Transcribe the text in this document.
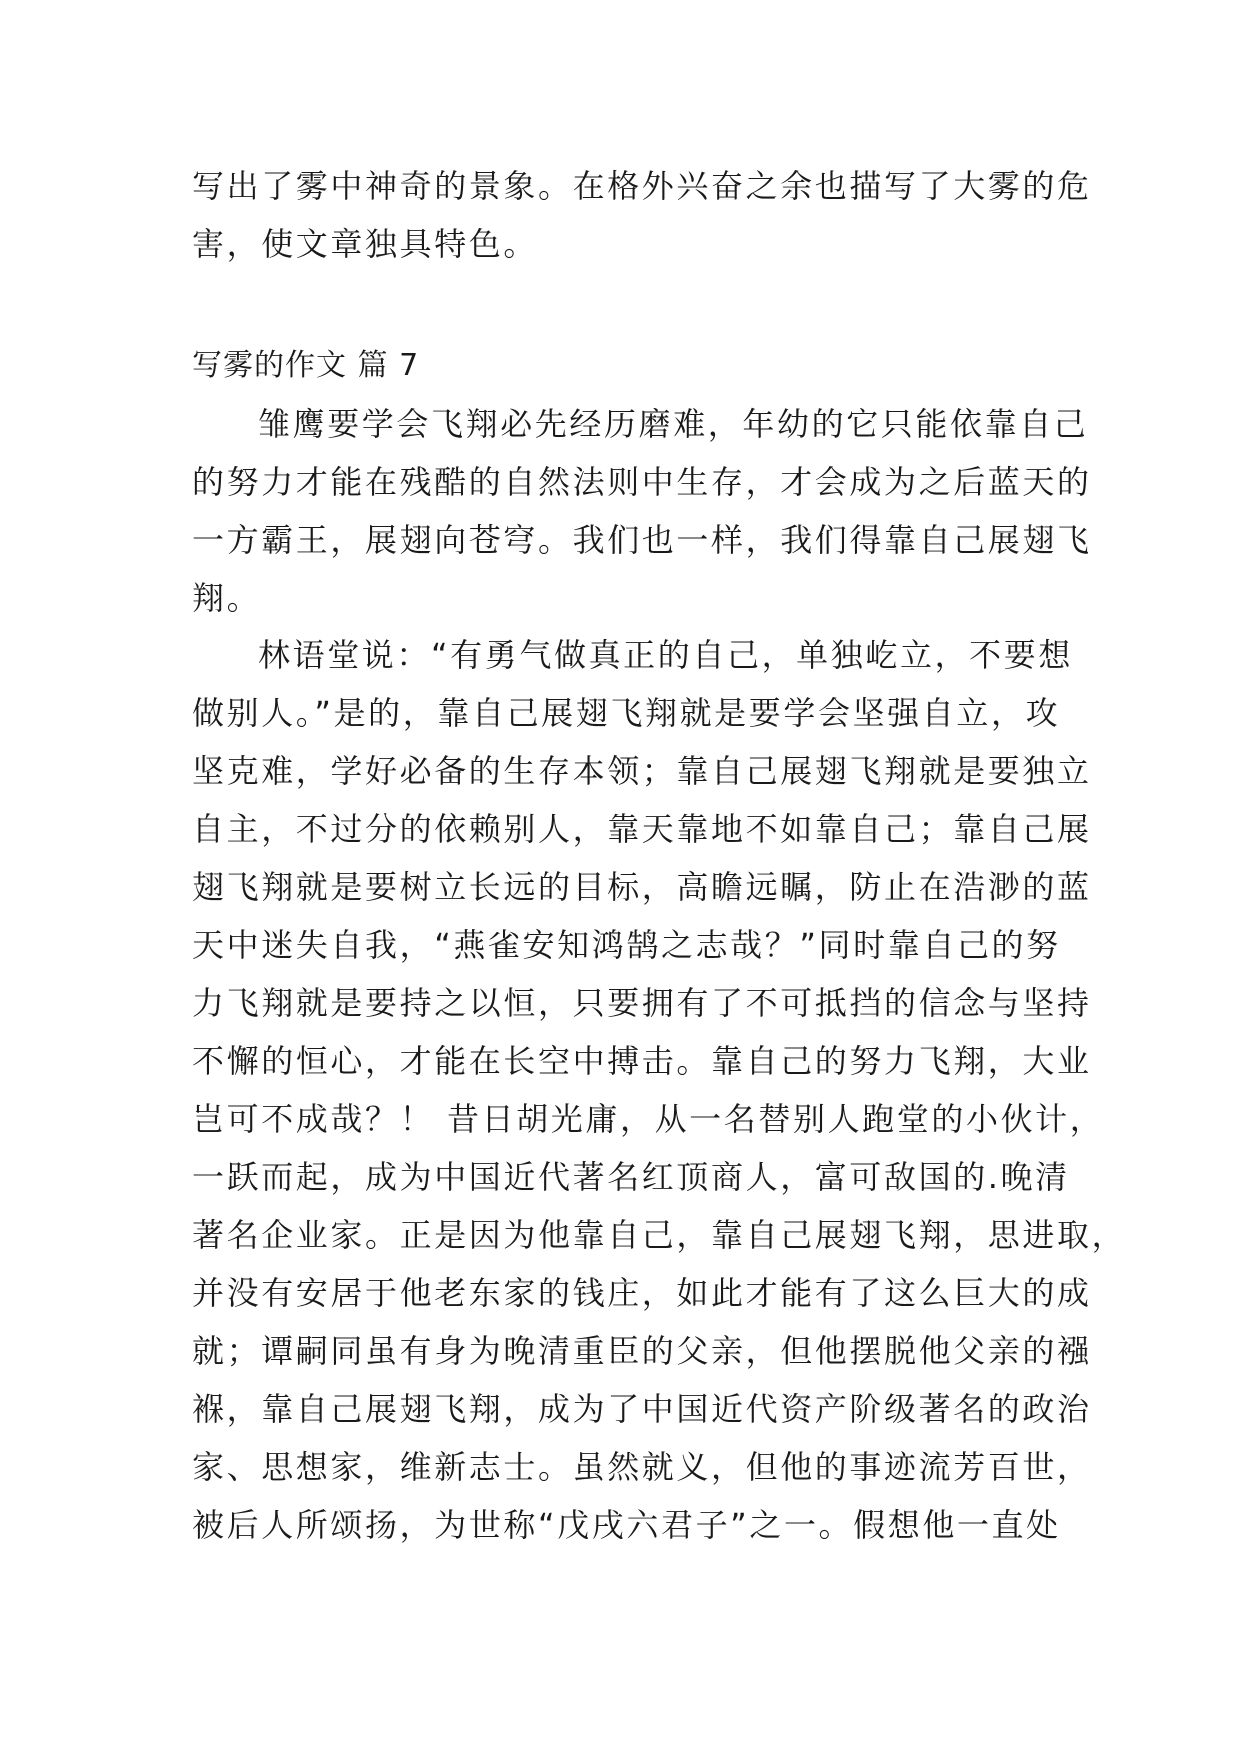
写出了雾中神奇的景象。在格外兴奋之余也描写了大雾的危
害，使文章独具特色。
写雾的作文 篇 7
雏鹰要学会飞翔必先经历磨难，年幼的它只能依靠自己
的努力才能在残酷的自然法则中生存，才会成为之后蓝天的
一方霸王，展翅向苍穹。我们也一样，我们得靠自己展翅飞
翔。
林语堂说：“有勇气做真正的自己，单独屹立，不要想
做别人。”是的，靠自己展翅飞翔就是要学会坚强自立，攻
坚克难，学好必备的生存本领；靠自己展翅飞翔就是要独立
自主，不过分的依赖别人，靠天靠地不如靠自己；靠自己展
翅飞翔就是要树立长远的目标，高瞻远瞩，防止在浩渺的蓝
天中迷失自我，“燕雀安知鸿鹄之志哉？”同时靠自己的努
力飞翔就是要持之以恒，只要拥有了不可抵挡的信念与坚持
不懈的恒心，才能在长空中搏击。靠自己的努力飞翔，大业
岂可不成哉？！ 昔日胡光庸，从一名替别人跑堂的小伙计，
一跃而起，成为中国近代著名红顶商人，富可敌国的.晚清
著名企业家。正是因为他靠自己，靠自己展翅飞翔，思进取，
并没有安居于他老东家的钱庄，如此才能有了这么巨大的成
就；谭嗣同虽有身为晚清重臣的父亲，但他摆脱他父亲的襁
褓，靠自己展翅飞翔，成为了中国近代资产阶级著名的政治
家、思想家，维新志士。虽然就义，但他的事迹流芳百世，
被后人所颂扬，为世称“戊戌六君子”之一。假想他一直处
